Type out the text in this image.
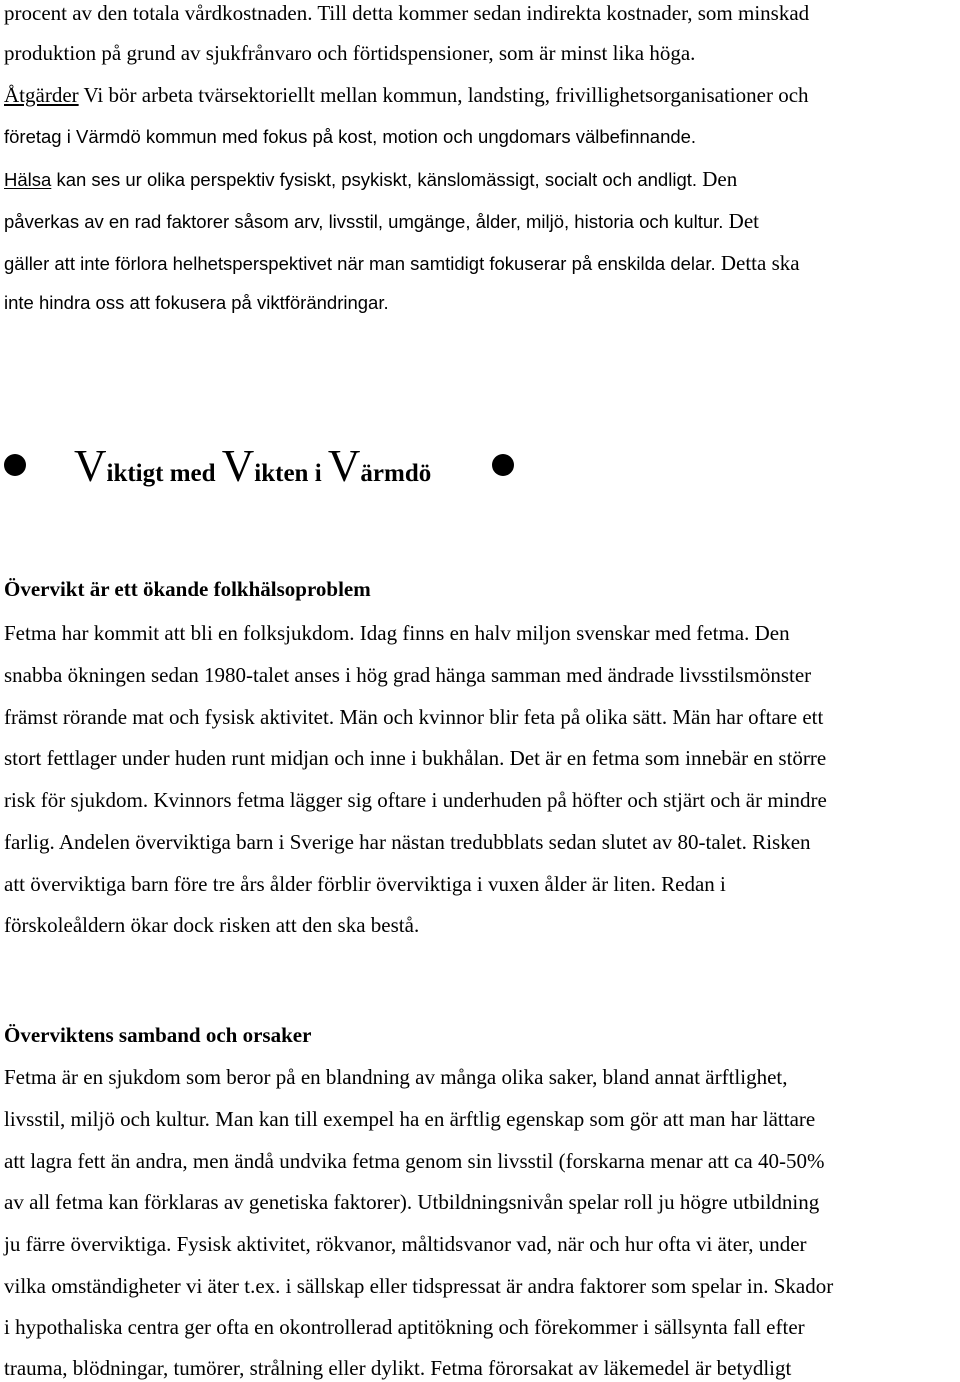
procent av den totala vårdkostnaden. Till detta kommer sedan indirekta kostnader, som minskad
produktion på grund av sjukfrånvaro och förtidspensioner, som är minst lika höga.
Åtgärder Vi bör arbeta tvärsektoriellt mellan kommun, landsting, frivillighetsorganisationer och
företag i Värmdö kommun med fokus på kost, motion och ungdomars välbefinnande.
Hälsa kan ses ur olika perspektiv fysiskt, psykiskt, känslomässigt, socialt och andligt. Den
påverkas av en rad faktorer såsom arv, livsstil, umgänge, ålder, miljö, historia och kultur. Det
gäller att inte förlora helhetsperspektivet när man samtidigt fokuserar på enskilda delar. Detta ska
inte hindra oss att fokusera på viktförändringar.
Viktigt med Vikten i Värmdö
Övervikt är ett ökande folkhälsoproblem
Fetma har kommit att bli en folksjukdom. Idag finns en halv miljon svenskar med fetma. Den
snabba ökningen sedan 1980-talet anses i hög grad hänga samman med ändrade livsstilsmönster
främst rörande mat och fysisk aktivitet. Män och kvinnor blir feta på olika sätt. Män har oftare ett
stort fettlager under huden runt midjan och inne i bukhålan. Det är en fetma som innebär en större
risk för sjukdom. Kvinnors fetma lägger sig oftare i underhuden på höfter och stjärt och är mindre
farlig. Andelen överviktiga barn i Sverige har nästan tredubblats sedan slutet av 80-talet. Risken
att överviktiga barn före tre års ålder förblir överviktiga i vuxen ålder är liten. Redan i
förskoleåldern ökar dock risken att den ska bestå.
Överviktens samband och orsaker
Fetma är en sjukdom som beror på en blandning av många olika saker, bland annat ärftlighet,
livsstil, miljö och kultur. Man kan till exempel ha en ärftlig egenskap som gör att man har lättare
att lagra fett än andra, men ändå undvika fetma genom sin livsstil (forskarna menar att ca 40-50%
av all fetma kan förklaras av genetiska faktorer). Utbildningsnivån spelar roll ju högre utbildning
ju färre överviktiga. Fysisk aktivitet, rökvanor, måltidsvanor vad, när och hur ofta vi äter, under
vilka omständigheter vi äter t.ex. i sällskap eller tidspressat är andra faktorer som spelar in. Skador
i hypothaliska centra ger ofta en okontrollerad aptitökning och förekommer i sällsynta fall efter
trauma, blödningar, tumörer, strålning eller dylikt. Fetma förorsakat av läkemedel är betydligt
